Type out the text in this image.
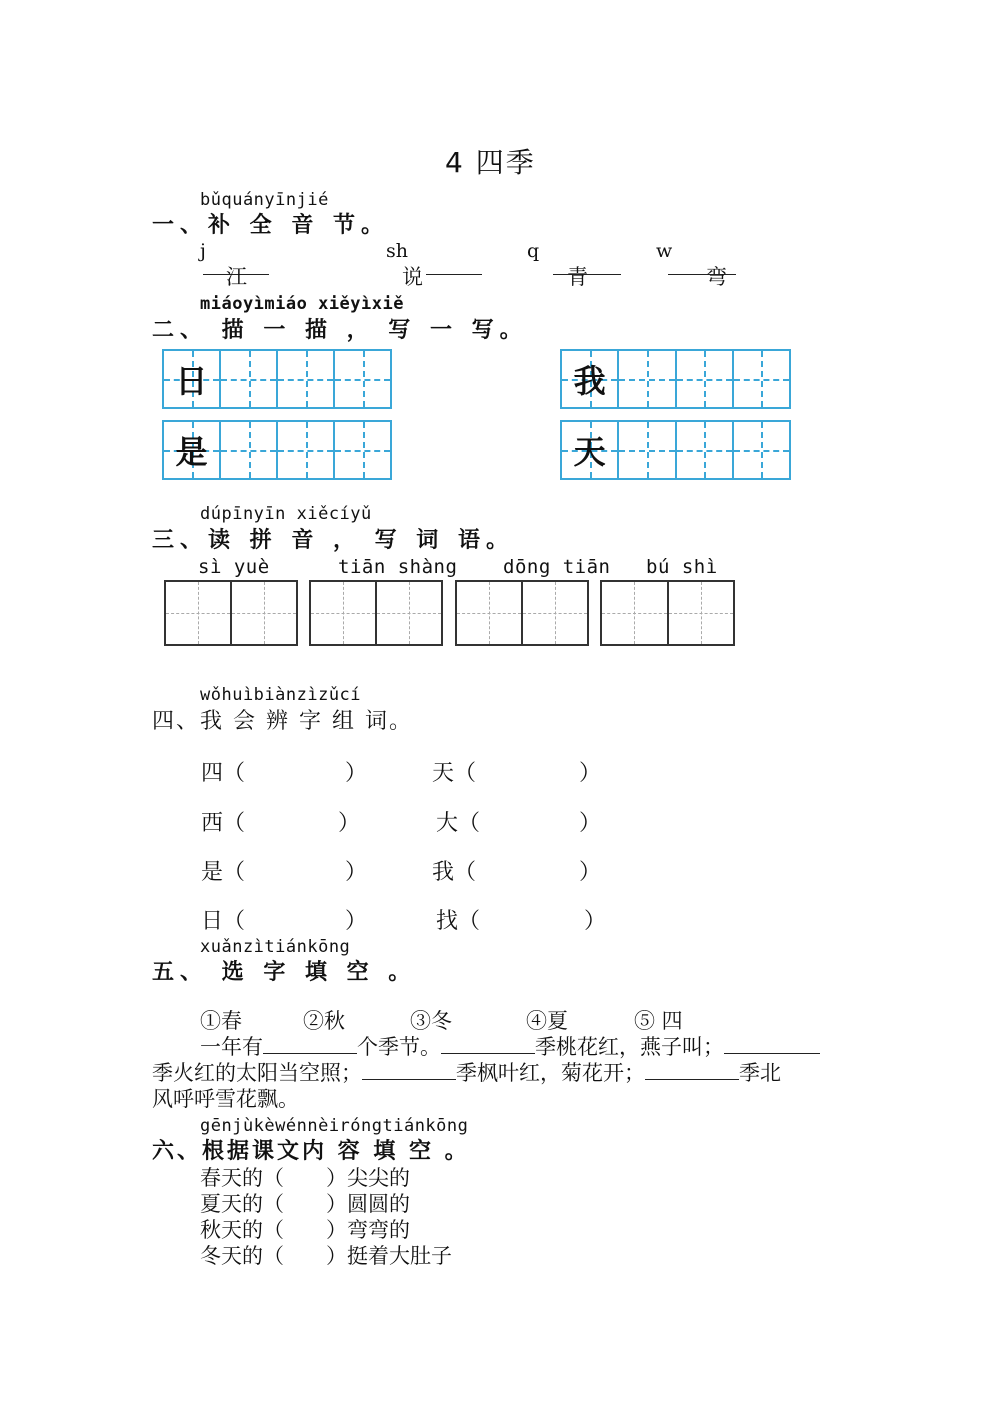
4 四季
bǔquányīnjié
一、补 全 音 节。
j
江
sh
说
q
青
w
弯
miáoyìmiáo xiěyìxiě
二、 描 一 描 ， 写 一 写。
日
是
我
天
dúpīnyīn xiěcíyǔ
三、读 拼 音 ， 写 词 语。
sì yuè	tiān shàng dōng tiān bú shì
wǒhuìbiànzìzǔcí
四、我 会 辨 字 组 词。
四（	）	天（	）
西（	）	大（	）
是（	）	我（	）
日（	）	找（	）
xuǎnzìtiánkōng
五、 选 字 填 空 。
①春	②秋	③冬	④夏	⑤ 四
一年有	个季节。	季桃花红，燕子叫；
季火红的太阳当空照；	季枫叶红，菊花开；	季北
风呼呼雪花飘。
gēnjùkèwénnèiróngtiánkōng
六、根据课文内 容 填 空 。
春天的（ ）尖尖的
夏天的（ ）圆圆的
秋天的（ ）弯弯的
冬天的（ ）挺着大肚子
